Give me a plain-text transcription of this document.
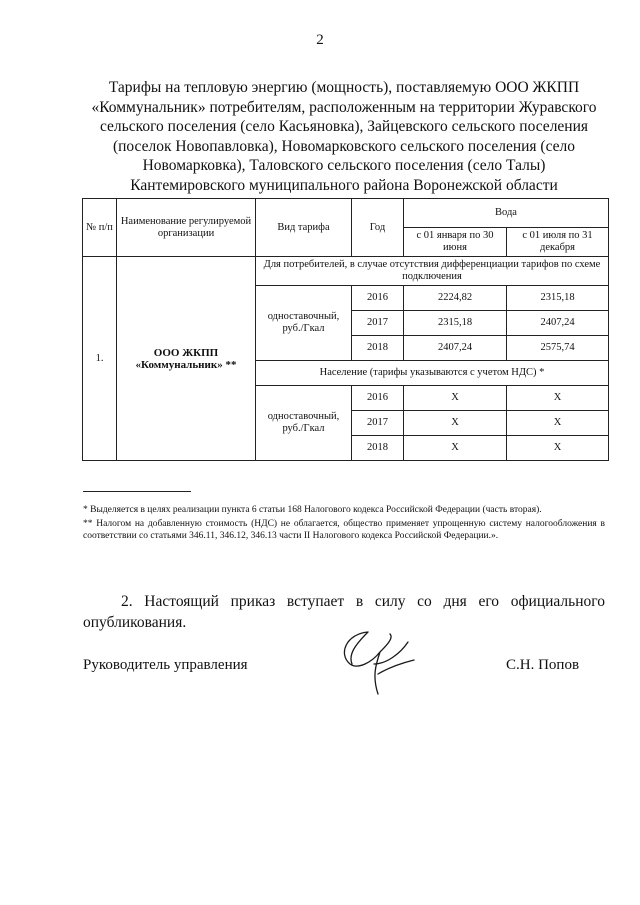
2
Тарифы на тепловую энергию (мощность), поставляемую ООО ЖКПП «Коммунальник» потребителям, расположенным на территории Журавского сельского поселения (село Касьяновка), Зайцевского сельского поселения (поселок Новопавловка), Новомарковского сельского поселения (село Новомарковка), Таловского сельского поселения (село Талы) Кантемировского муниципального района Воронежской области
№ п/п	Наименование регулируемой организации	Вид тарифа	Год	Вода	
				с 01 января по 30 июня	с 01 июля по 31 декабря
1.	ООО ЖКПП «Коммунальник» **	Для потребителей, в случае отсутствия дифференциации тарифов по схеме подключения			
		одноставочный, руб./Гкал	2016	2224,82	2315,18
			2017	2315,18	2407,24
			2018	2407,24	2575,74
		Население (тарифы указываются с учетом НДС) *			
		одноставочный, руб./Гкал	2016	Х	Х
			2017	Х	Х
			2018	Х	Х

* Выделяется в целях реализации пункта 6 статьи 168 Налогового кодекса Российской Федерации (часть вторая).

** Налогом на добавленную стоимость (НДС) не облагается, общество применяет упрощенную систему налогообложения в соответствии со статьями 346.11, 346.12, 346.13 части II Налогового кодекса Российской Федерации.».

2. Настоящий приказ вступает в силу со дня его официального опубликования.
Руководитель управления	С.Н. Попов
